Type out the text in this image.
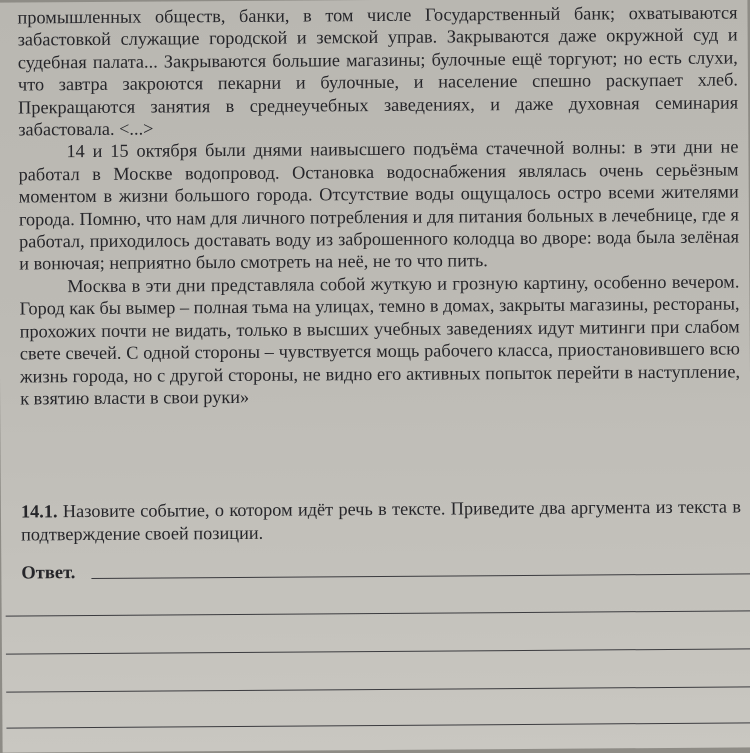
промышленных обществ, банки, в том числе Государственный банк; охватываются забастовкой служащие городской и земской управ. Закрываются даже окружной суд и судебная палата... Закрываются большие магазины; булочные ещё торгуют; но есть слухи, что завтра закроются пекарни и булочные, и население спешно раскупает хлеб. Прекращаются занятия в среднеучебных заведениях, и даже духовная семинария забастовала. <...>

14 и 15 октября были днями наивысшего подъёма стачечной волны: в эти дни не работал в Москве водопровод. Остановка водоснабжения являлась очень серьёзным моментом в жизни большого города. Отсутствие воды ощущалось остро всеми жителями города. Помню, что нам для личного потребления и для питания больных в лечебнице, где я работал, приходилось доставать воду из заброшенного колодца во дворе: вода была зелёная и вонючая; неприятно было смотреть на неё, не то что пить.

Москва в эти дни представляла собой жуткую и грозную картину, особенно вечером. Город как бы вымер – полная тьма на улицах, темно в домах, закрыты магазины, рестораны, прохожих почти не видать, только в высших учебных заведениях идут митинги при слабом свете свечей. С одной стороны – чувствуется мощь рабочего класса, приостановившего всю жизнь города, но с другой стороны, не видно его активных попыток перейти в наступление, к взятию власти в свои руки»

14.1. Назовите событие, о котором идёт речь в тексте. Приведите два аргумента из текста в подтверждение своей позиции.

Ответ.
